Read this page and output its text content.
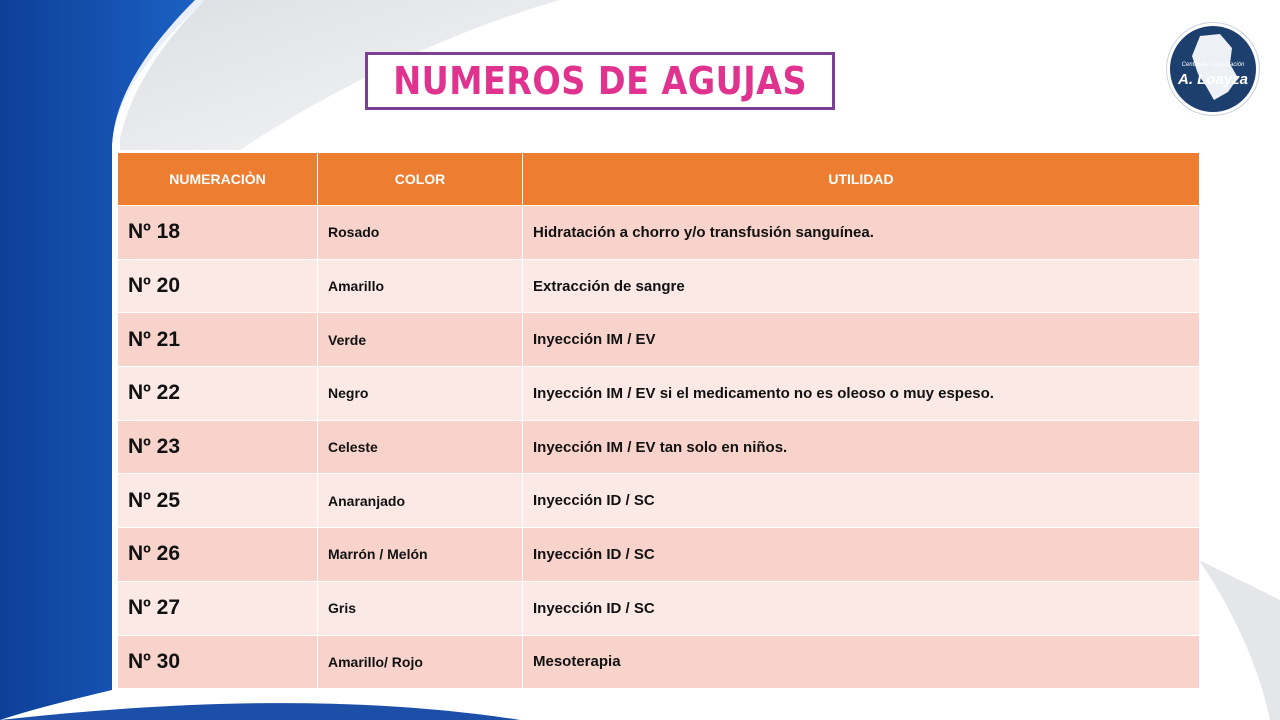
NUMEROS DE AGUJAS	Centro de Capacitación
A. Loayza
NUMERACIÒN	COLOR	UTILIDAD
Nº 18	Rosado	Hidratación a chorro y/o transfusión sanguínea.
Nº 20	Amarillo	Extracción de sangre
Nº 21	Verde	Inyección IM / EV
Nº 22	Negro	Inyección IM / EV si el medicamento no es oleoso o muy espeso.
Nº 23	Celeste	Inyección IM / EV tan solo en niños.
Nº 25	Anaranjado	Inyección ID / SC
Nº 26	Marrón / Melón	Inyección ID / SC
Nº 27	Gris	Inyección ID / SC
Nº 30	Amarillo/ Rojo	Mesoterapia
